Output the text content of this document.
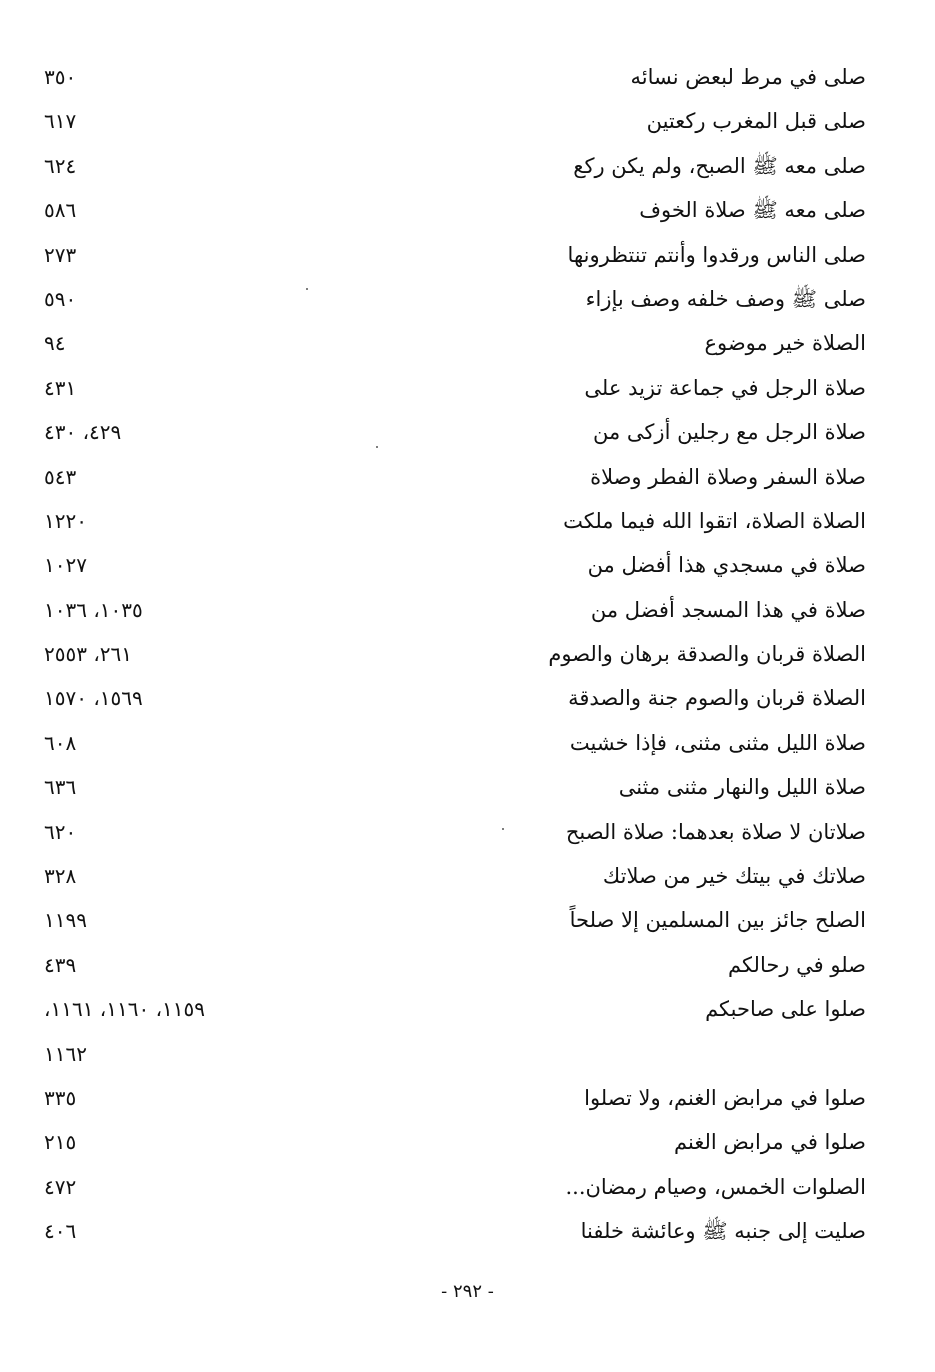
صلى في مرط لبعض نسائه
٣٥٠
صلى قبل المغرب ركعتين
٦١٧
صلى معه ﷺ الصبح، ولم يكن ركع
٦٢٤
صلى معه ﷺ صلاة الخوف
٥٨٦
صلى الناس ورقدوا وأنتم تنتظرونها
٢٧٣
صلى ﷺ وصف خلفه وصف بإزاء
٥٩٠
الصلاة خير موضوع
٩٤
صلاة الرجل في جماعة تزيد على
٤٣١
صلاة الرجل مع رجلين أزكى من
٤٢٩، ٤٣٠
صلاة السفر وصلاة الفطر وصلاة
٥٤٣
الصلاة الصلاة، اتقوا الله فيما ملكت
١٢٢٠
صلاة في مسجدي هذا أفضل من
١٠٢٧
صلاة في هذا المسجد أفضل من
١٠٣٥، ١٠٣٦
الصلاة قربان والصدقة برهان والصوم
٢٦١، ٢٥٥٣
الصلاة قربان والصوم جنة والصدقة
١٥٦٩، ١٥٧٠
صلاة الليل مثنى مثنى، فإذا خشيت
٦٠٨
صلاة الليل والنهار مثنى مثنى
٦٣٦
صلاتان لا صلاة بعدهما: صلاة الصبح
٦٢٠
صلاتك في بيتك خير من صلاتك
٣٢٨
الصلح جائز بين المسلمين إلا صلحاً
١١٩٩
صلو في رحالكم
٤٣٩
صلوا على صاحبكم
١١٥٩، ١١٦٠، ١١٦١،
١١٦٢
صلوا في مرابض الغنم، ولا تصلوا
٣٣٥
صلوا في مرابض الغنم
٢١٥
الصلوات الخمس، وصيام رمضان...
٤٧٢
صليت إلى جنبه ﷺ وعائشة خلفنا
٤٠٦
- ٢٩٢ -
